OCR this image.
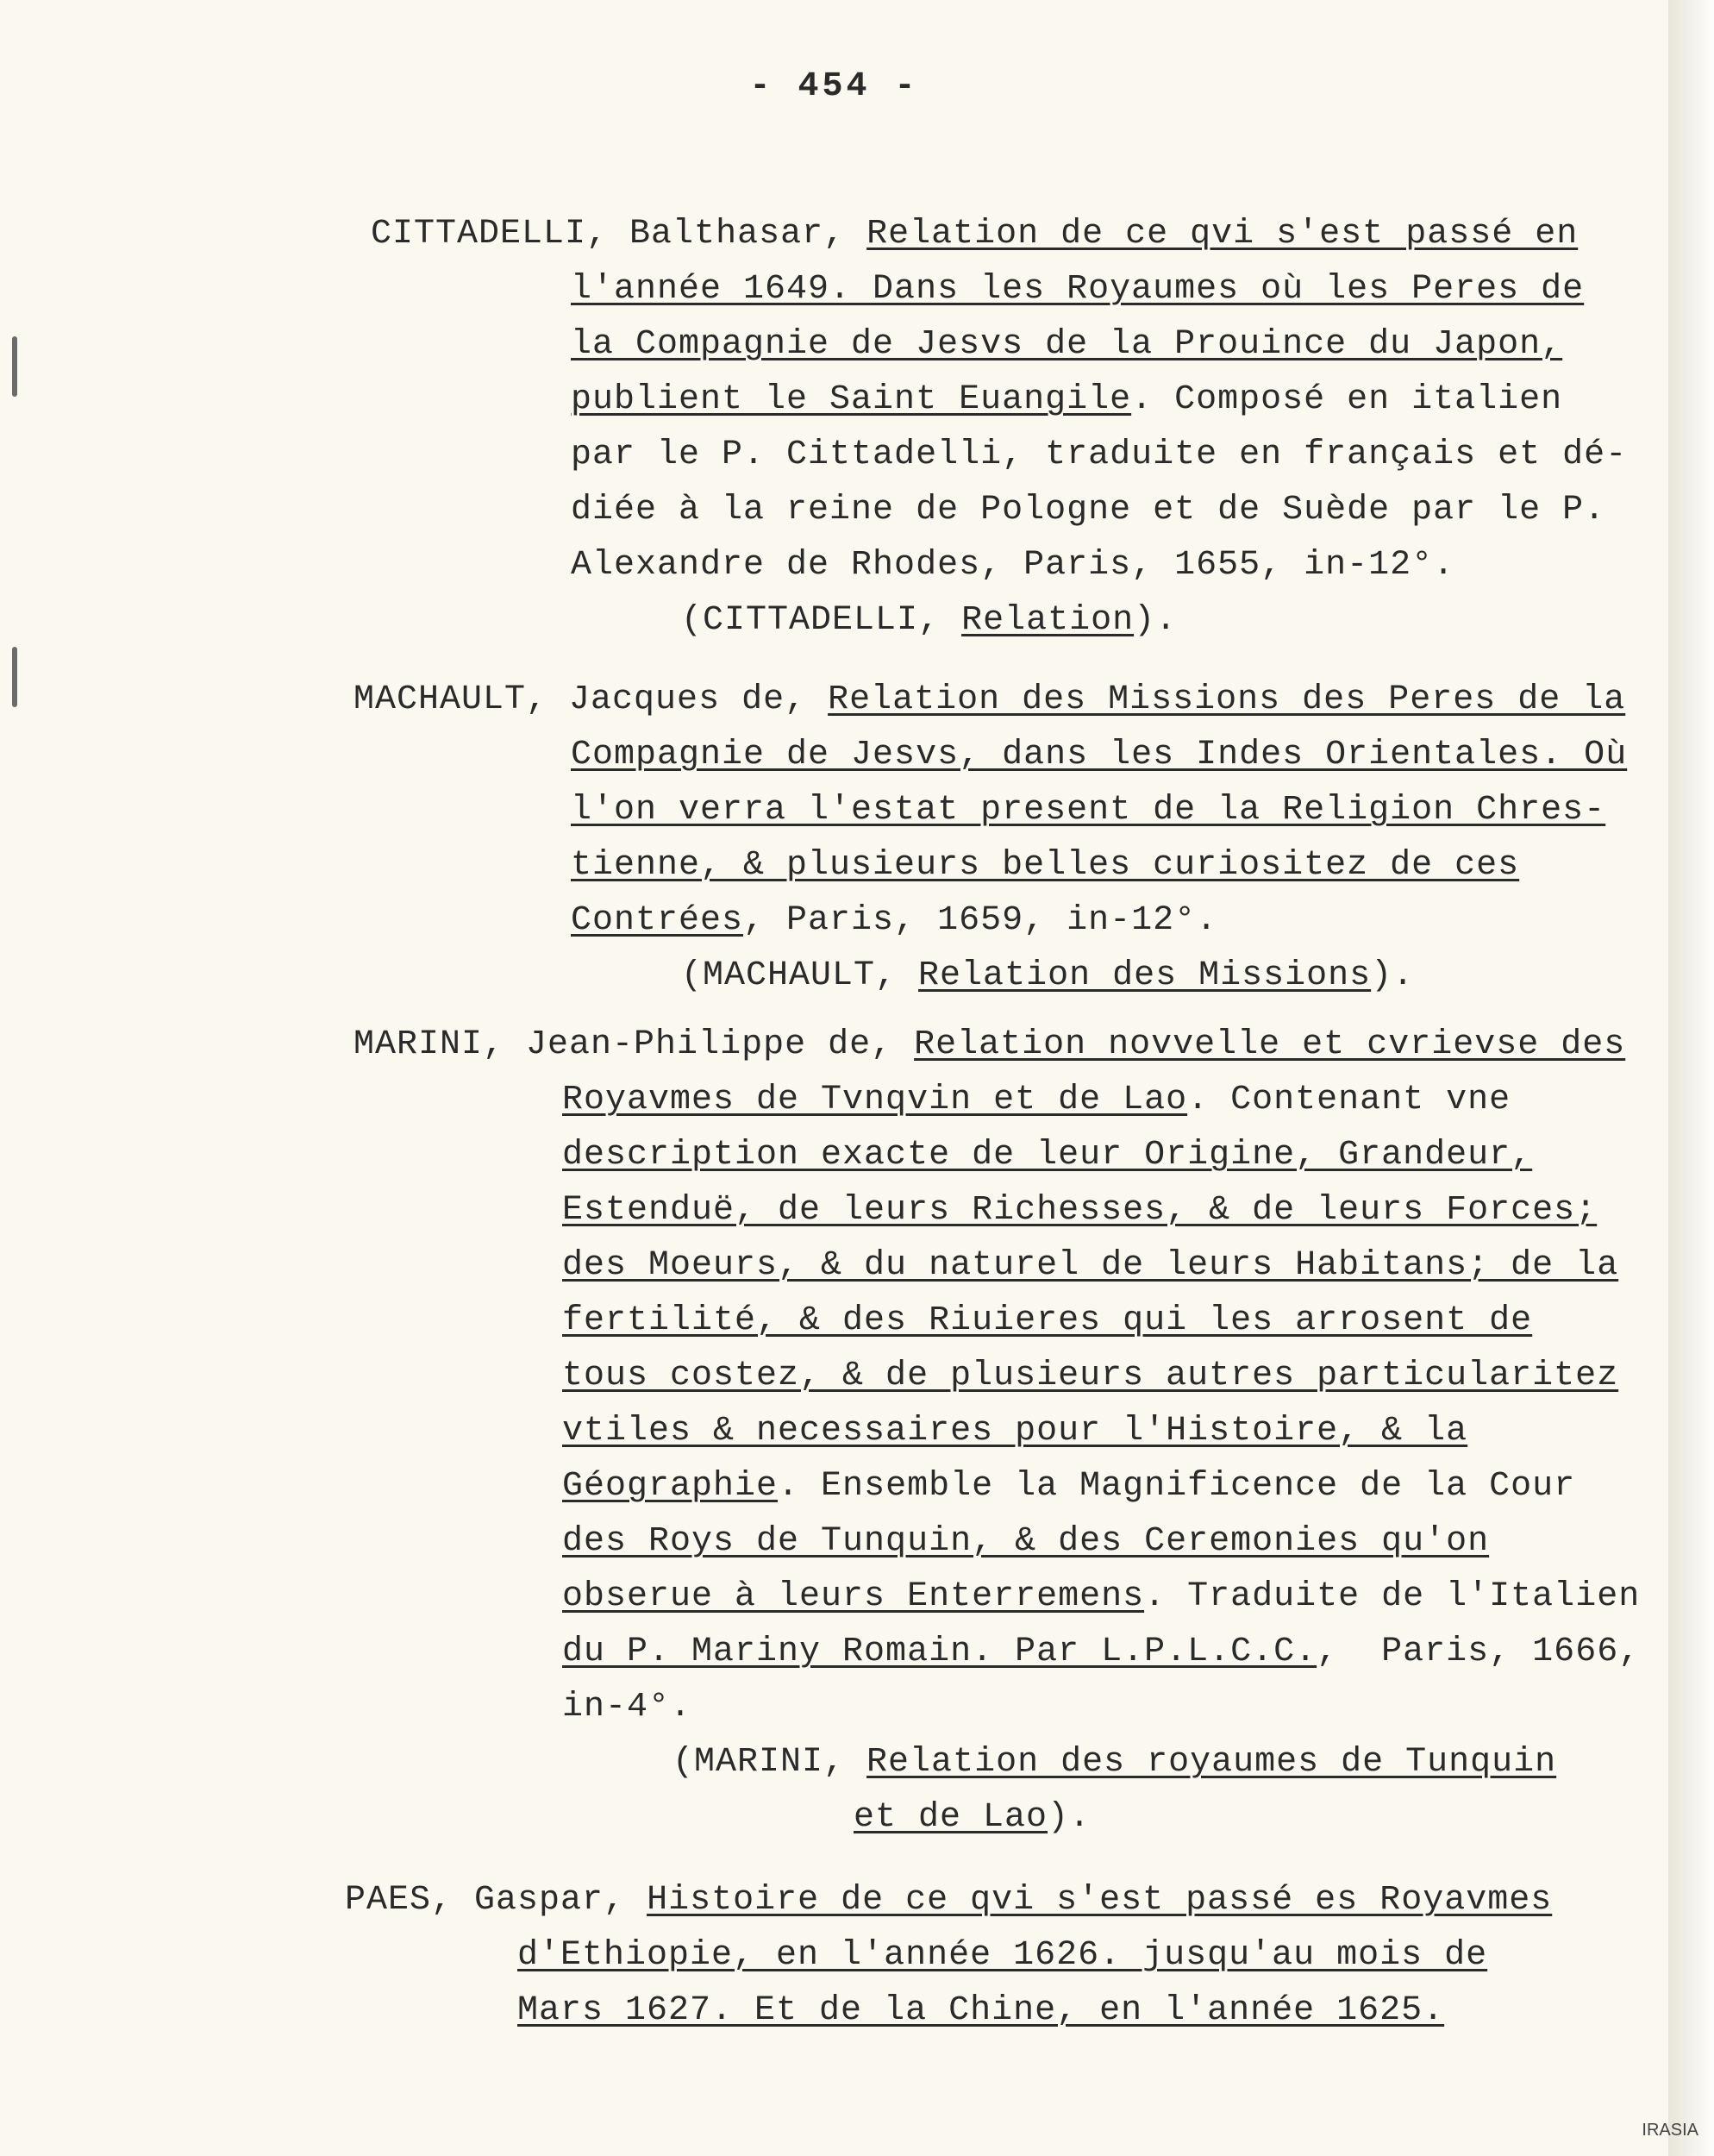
- 454 -
CITTADELLI, Balthasar, Relation de ce qvi s'est passé en
l'année 1649. Dans les Royaumes où les Peres de
la Compagnie de Jesvs de la Prouince du Japon,
publient le Saint Euangile. Composé en italien
par le P. Cittadelli, traduite en français et dé-
diée à la reine de Pologne et de Suède par le P.
Alexandre de Rhodes, Paris, 1655, in-12°.
(CITTADELLI, Relation).
MACHAULT, Jacques de, Relation des Missions des Peres de la
Compagnie de Jesvs, dans les Indes Orientales. Où
l'on verra l'estat present de la Religion Chres-
tienne, & plusieurs belles curiositez de ces
Contrées, Paris, 1659, in-12°.
(MACHAULT, Relation des Missions).
MARINI, Jean-Philippe de, Relation novvelle et cvrievse des
Royavmes de Tvnqvin et de Lao. Contenant vne
description exacte de leur Origine, Grandeur,
Estenduë, de leurs Richesses, & de leurs Forces;
des Moeurs, & du naturel de leurs Habitans; de la
fertilité, & des Riuieres qui les arrosent de
tous costez, & de plusieurs autres particularitez
vtiles & necessaires pour l'Histoire, & la
Géographie. Ensemble la Magnificence de la Cour
des Roys de Tunquin, & des Ceremonies qu'on
obserue à leurs Enterremens. Traduite de l'Italien
du P. Mariny Romain. Par L.P.L.C.C.,  Paris, 1666,
in-4°.
(MARINI, Relation des royaumes de Tunquin
et de Lao).
PAES, Gaspar, Histoire de ce qvi s'est passé es Royavmes
d'Ethiopie, en l'année 1626. jusqu'au mois de
Mars 1627. Et de la Chine, en l'année 1625.
IRASIA
